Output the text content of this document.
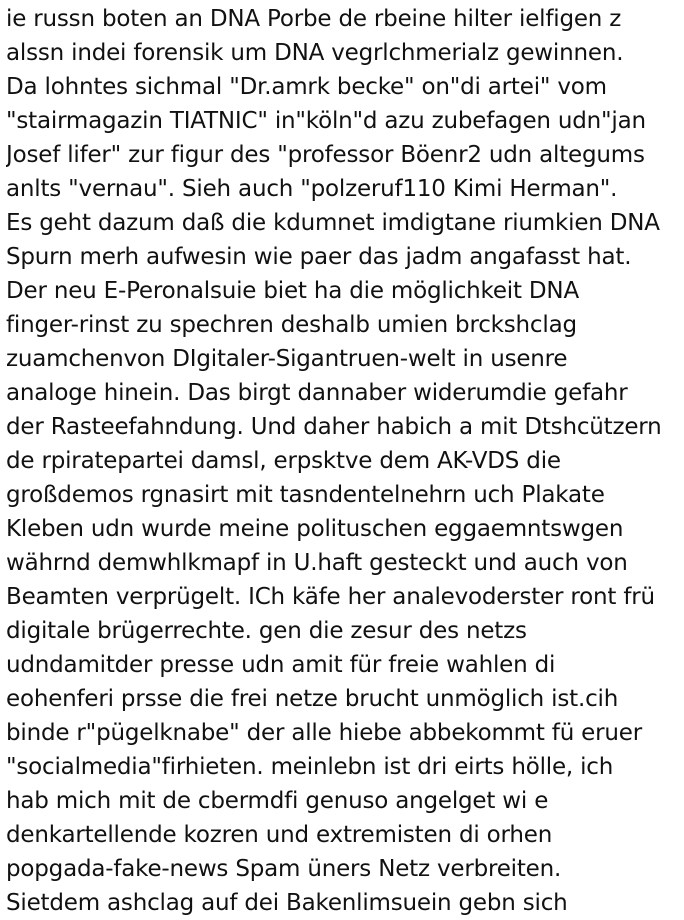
ie russn boten an DNA Porbe de rbeine hilter ielfigen z
alssn indei forensik um DNA vegrlchmerialz gewinnen.
Da lohntes sichmal "Dr.amrk becke" on"di artei" vom
"stairmagazin TIATNIC" in"köln"d azu zubefagen udn"jan
Josef lifer" zur figur des "professor Böenr2 udn altegums
anlts "vernau". Sieh auch "polzeruf110 Kimi Herman".
Es geht dazum daß die kdumnet imdigtane riumkien DNA
Spurn merh aufwesin wie paer das jadm angafasst hat.
Der neu E-Peronalsuie biet ha die möglichkeit DNA
finger-rinst zu spechren deshalb umien brckshclag
zuamchenvon DIgitaler-Sigantruen-welt in usenre
analoge hinein. Das birgt dannaber widerumdie gefahr
der Rasteefahndung. Und daher habich a mit Dtshcützern
de rpiratepartei damsl, erpsktve dem AK-VDS die
großdemos rgnasirt mit tasndentelnehrn uch Plakate
Kleben udn wurde meine polituschen eggaemntswgen
währnd demwhlkmapf in U.haft gesteckt und auch von
Beamten verprügelt. ICh käfe her analevoderster ront frü
digitale brügerrechte. gen die zesur des netzs
udndamitder presse udn amit für freie wahlen di
eohenferi prsse die frei netze brucht unmöglich ist.cih
binde r"pügelknabe" der alle hiebe abbekommt fü eruer
"socialmedia"firhieten. meinlebn ist dri eirts hölle, ich
hab mich mit de cbermdfi genuso angelget wi e
denkartellende kozren und extremisten di orhen
popgada-fake-news Spam üners Netz verbreiten.
Sietdem ashclag auf dei Bakenlimsuein gebn sich
